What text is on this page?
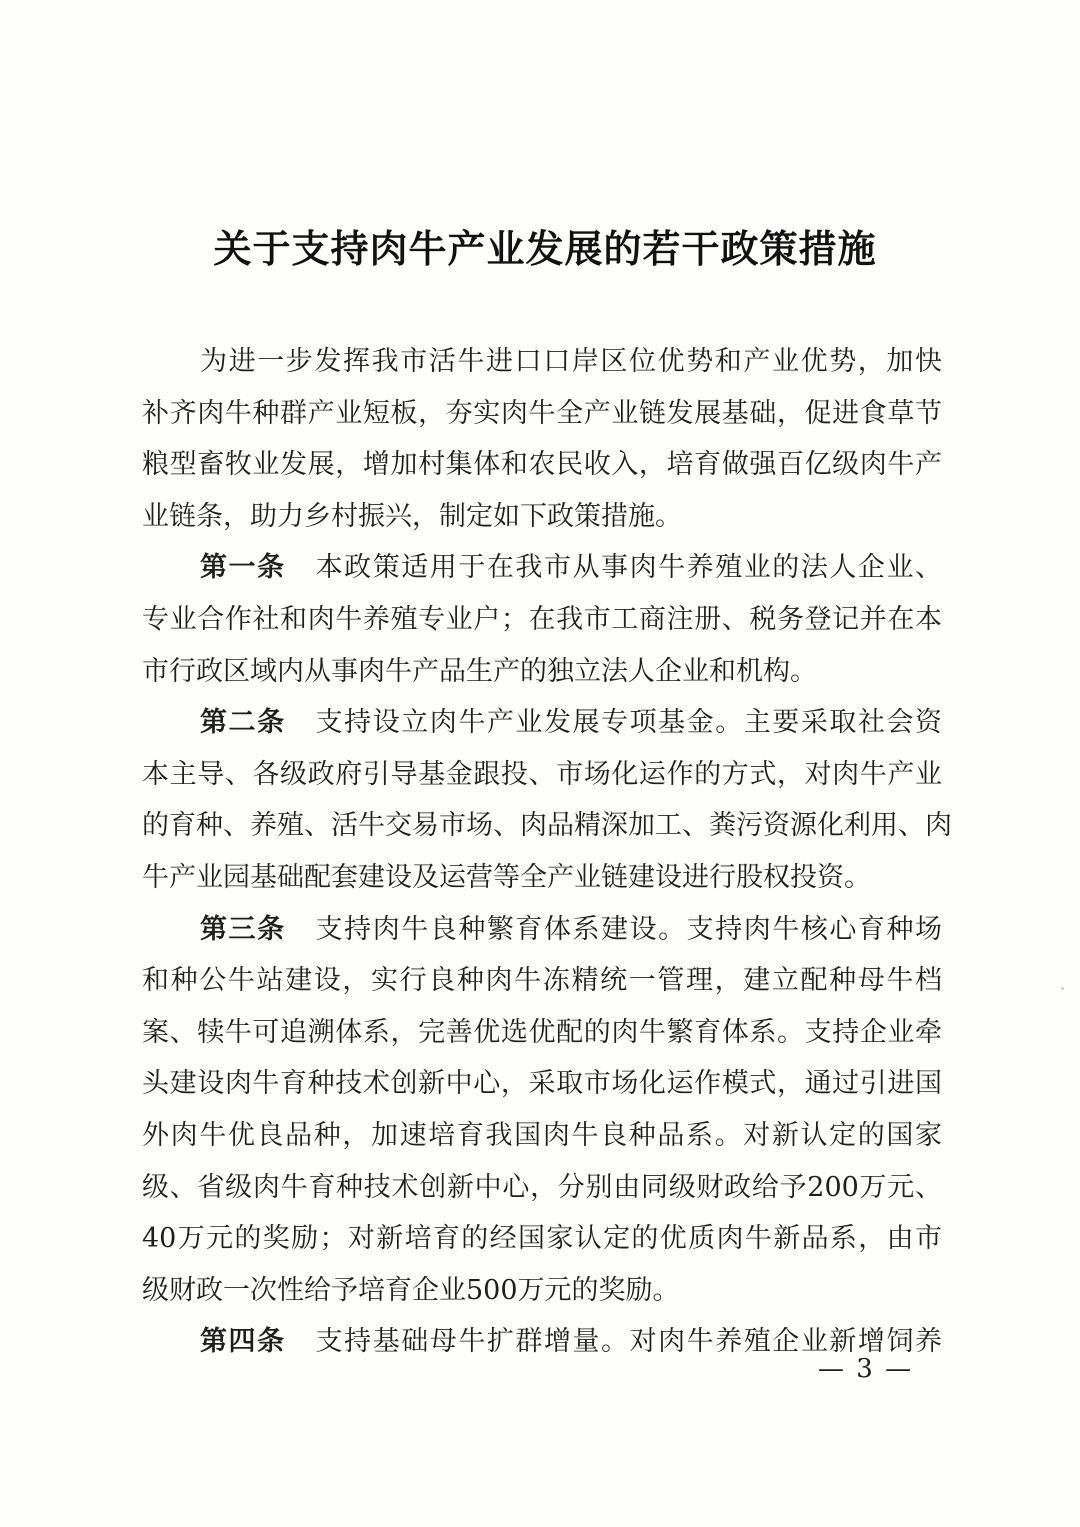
关于支持肉牛产业发展的若干政策措施
为进一步发挥我市活牛进口口岸区位优势和产业优势，加快
补齐肉牛种群产业短板，夯实肉牛全产业链发展基础，促进食草节
粮型畜牧业发展，增加村集体和农民收入，培育做强百亿级肉牛产
业链条，助力乡村振兴，制定如下政策措施。
第一条 本政策适用于在我市从事肉牛养殖业的法人企业、
专业合作社和肉牛养殖专业户；在我市工商注册、税务登记并在本
市行政区域内从事肉牛产品生产的独立法人企业和机构。
第二条 支持设立肉牛产业发展专项基金。主要采取社会资
本主导、各级政府引导基金跟投、市场化运作的方式，对肉牛产业
的育种、养殖、活牛交易市场、肉品精深加工、粪污资源化利用、肉
牛产业园基础配套建设及运营等全产业链建设进行股权投资。
第三条 支持肉牛良种繁育体系建设。支持肉牛核心育种场
和种公牛站建设，实行良种肉牛冻精统一管理，建立配种母牛档
案、犊牛可追溯体系，完善优选优配的肉牛繁育体系。支持企业牵
头建设肉牛育种技术创新中心，采取市场化运作模式，通过引进国
外肉牛优良品种，加速培育我国肉牛良种品系。对新认定的国家
级、省级肉牛育种技术创新中心，分别由同级财政给予200万元、
40万元的奖励；对新培育的经国家认定的优质肉牛新品系，由市
级财政一次性给予培育企业500万元的奖励。
第四条 支持基础母牛扩群增量。对肉牛养殖企业新增饲养
— 3 —
